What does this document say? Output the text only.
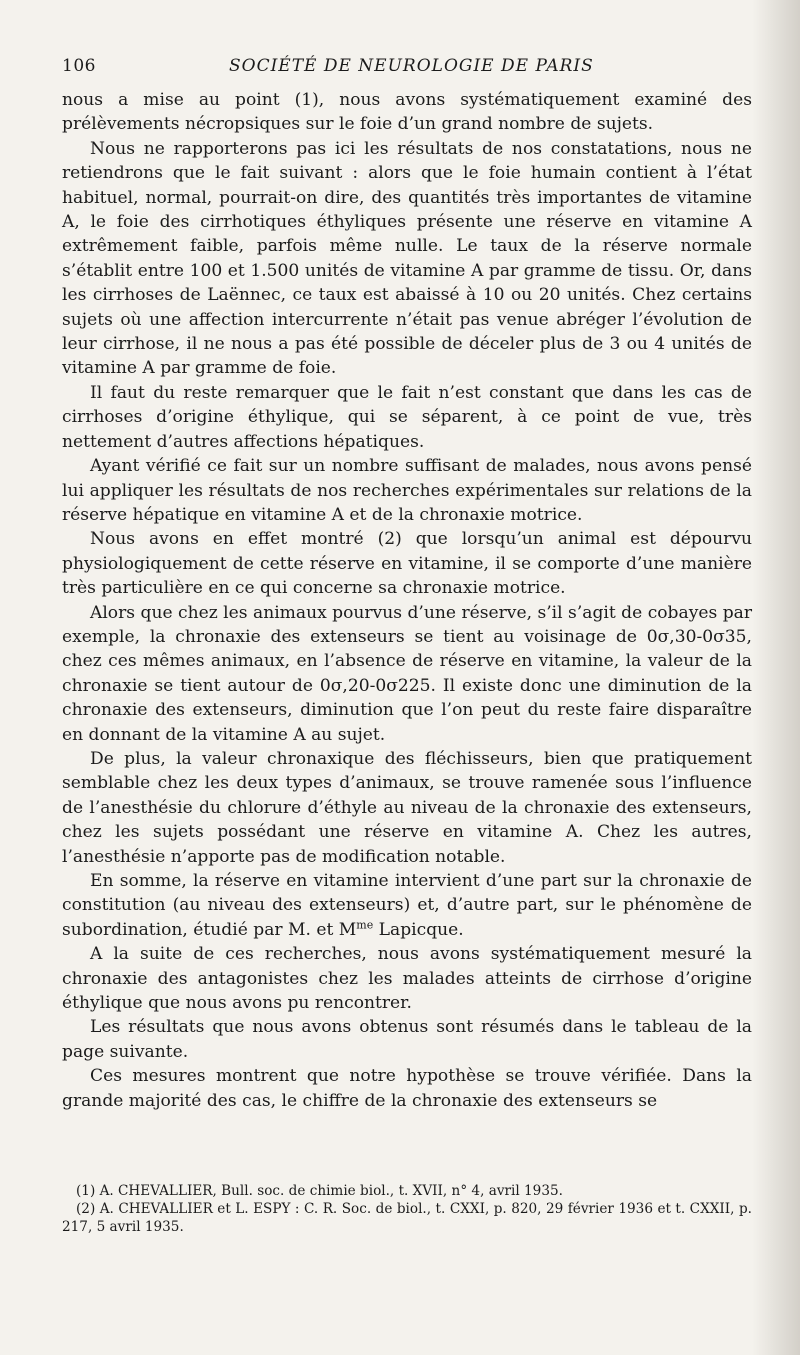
106	SOCIÉTÉ DE NEUROLOGIE DE PARIS

nous a mise au point (1), nous avons systématiquement examiné des prélèvements nécropsiques sur le foie d’un grand nombre de sujets.

Nous ne rapporterons pas ici les résultats de nos constatations, nous ne retiendrons que le fait suivant : alors que le foie humain contient à l’état habituel, normal, pourrait-on dire, des quantités très importantes de vitamine A, le foie des cirrhotiques éthyliques présente une réserve en vitamine A extrêmement faible, parfois même nulle. Le taux de la réserve normale s’établit entre 100 et 1.500 unités de vitamine A par gramme de tissu. Or, dans les cirrhoses de Laënnec, ce taux est abaissé à 10 ou 20 unités. Chez certains sujets où une affection intercurrente n’était pas venue abréger l’évolution de leur cirrhose, il ne nous a pas été possible de déceler plus de 3 ou 4 unités de vitamine A par gramme de foie.

Il faut du reste remarquer que le fait n’est constant que dans les cas de cirrhoses d’origine éthylique, qui se séparent, à ce point de vue, très nettement d’autres affections hépatiques.

Ayant vérifié ce fait sur un nombre suffisant de malades, nous avons pensé lui appliquer les résultats de nos recherches expérimentales sur relations de la réserve hépatique en vitamine A et de la chronaxie motrice.

Nous avons en effet montré (2) que lorsqu’un animal est dépourvu physiologiquement de cette réserve en vitamine, il se comporte d’une manière très particulière en ce qui concerne sa chronaxie motrice.

Alors que chez les animaux pourvus d’une réserve, s’il s’agit de cobayes par exemple, la chronaxie des extenseurs se tient au voisinage de 0σ,30-0σ35, chez ces mêmes animaux, en l’absence de réserve en vitamine, la valeur de la chronaxie se tient autour de 0σ,20-0σ225. Il existe donc une diminution de la chronaxie des extenseurs, diminution que l’on peut du reste faire disparaître en donnant de la vitamine A au sujet.

De plus, la valeur chronaxique des fléchisseurs, bien que pratiquement semblable chez les deux types d’animaux, se trouve ramenée sous l’influence de l’anesthésie du chlorure d’éthyle au niveau de la chronaxie des extenseurs, chez les sujets possédant une réserve en vitamine A. Chez les autres, l’anesthésie n’apporte pas de modification notable.

En somme, la réserve en vitamine intervient d’une part sur la chronaxie de constitution (au niveau des extenseurs) et, d’autre part, sur le phénomène de subordination, étudié par M. et $M^{me}$ Lapicque.

A la suite de ces recherches, nous avons systématiquement mesuré la chronaxie des antagonistes chez les malades atteints de cirrhose d’origine éthylique que nous avons pu rencontrer.

Les résultats que nous avons obtenus sont résumés dans le tableau de la page suivante.

Ces mesures montrent que notre hypothèse se trouve vérifiée. Dans la grande majorité des cas, le chiffre de la chronaxie des extenseurs se

(1) A. CHEVALLIER, Bull. soc. de chimie biol., t. XVII, n° 4, avril 1935.

(2) A. CHEVALLIER et L. ESPY : C. R. Soc. de biol., t. CXXI, p. 820, 29 février 1936 et t. CXXII, p. 217, 5 avril 1935.
